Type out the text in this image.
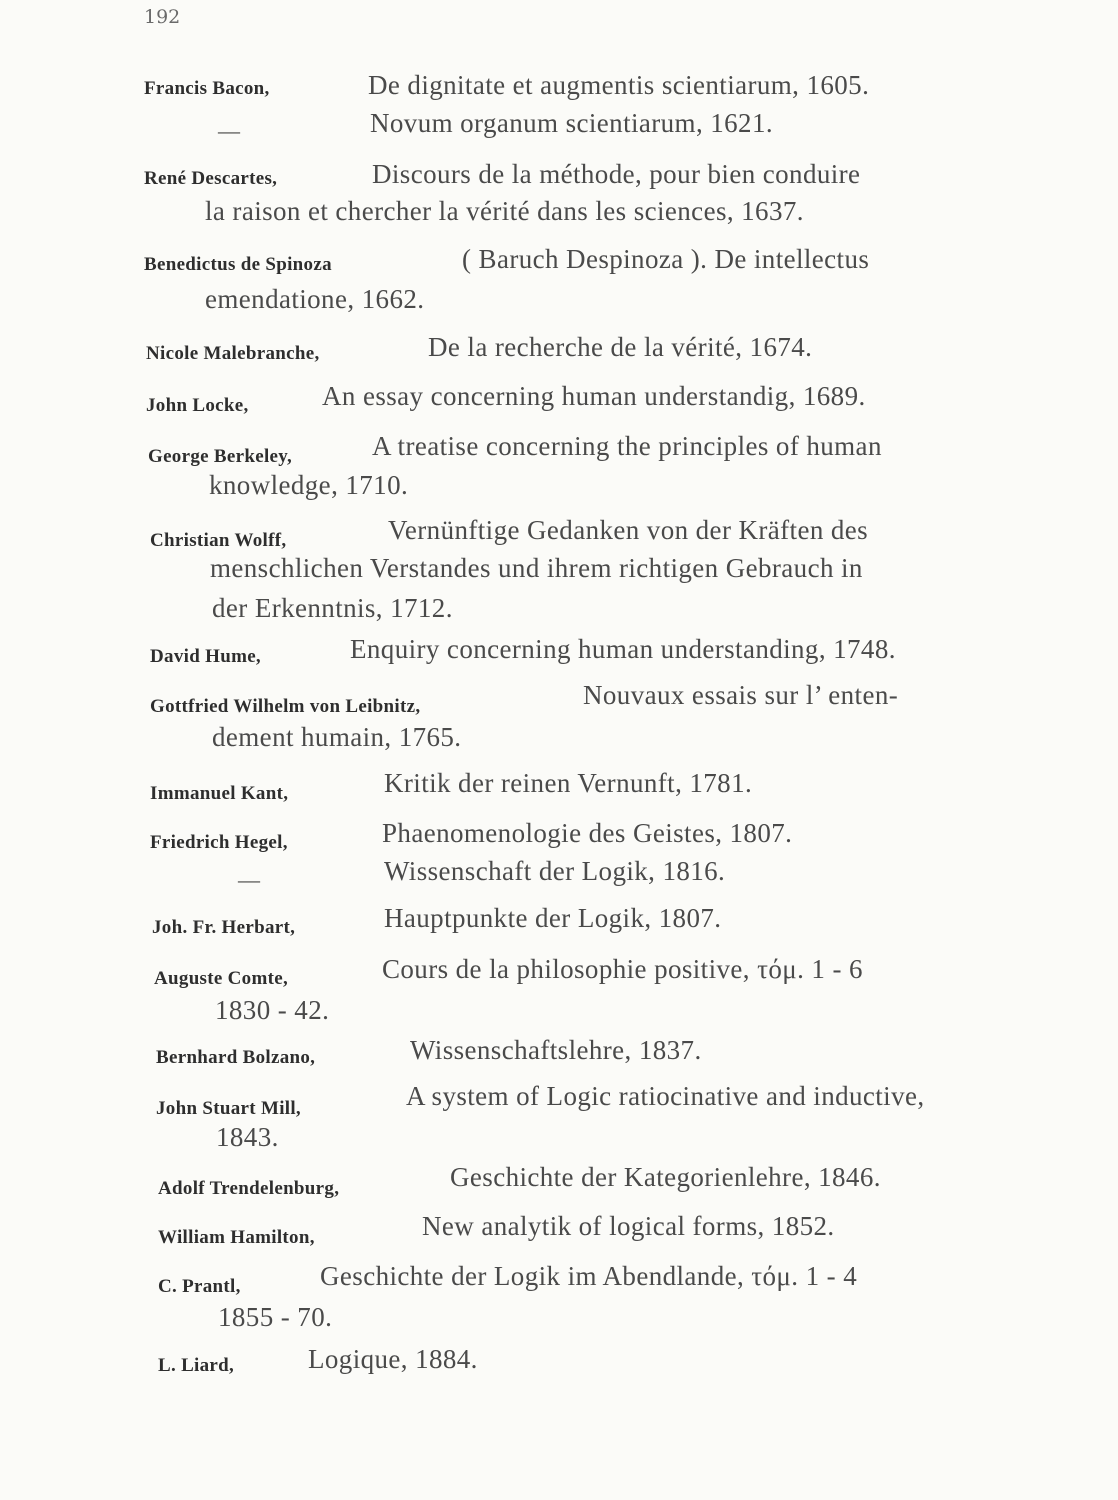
192
Francis Bacon,	De dignitate et augmentis scientiarum, 1605.
—	Novum organum scientiarum, 1621.
René Descartes,	Discours de la méthode, pour bien conduire
la raison et chercher la vérité dans les sciences, 1637.
Benedictus de Spinoza	( Baruch Despinoza ). De intellectus
emendatione, 1662.
Nicole Malebranche,	De la recherche de la vérité, 1674.
John Locke,	An essay concerning human understandig, 1689.
George Berkeley,	A treatise concerning the principles of human
knowledge, 1710.
Christian Wolff,	Vernünftige Gedanken von der Kräften des
menschlichen Verstandes und ihrem richtigen Gebrauch in
der Erkenntnis, 1712.
David Hume,	Enquiry concerning human understanding, 1748.
Gottfried Wilhelm von Leibnitz,	Nouvaux essais sur l’ enten-
dement humain, 1765.
Immanuel Kant,	Kritik der reinen Vernunft, 1781.
Friedrich Hegel,	Phaenomenologie des Geistes, 1807.
—	Wissenschaft der Logik, 1816.
Joh. Fr. Herbart,	Hauptpunkte der Logik, 1807.
Auguste Comte,	Cours de la philosophie positive, τόμ. 1 - 6
1830 - 42.
Bernhard Bolzano,	Wissenschaftslehre, 1837.
John Stuart Mill,	A system of Logic ratiocinative and inductive,
1843.
Adolf Trendelenburg,	Geschichte der Kategorienlehre, 1846.
William Hamilton,	New analytik of logical forms, 1852.
C. Prantl,	Geschichte der Logik im Abendlande, τόμ. 1 - 4
1855 - 70.
L. Liard,	Logique, 1884.
